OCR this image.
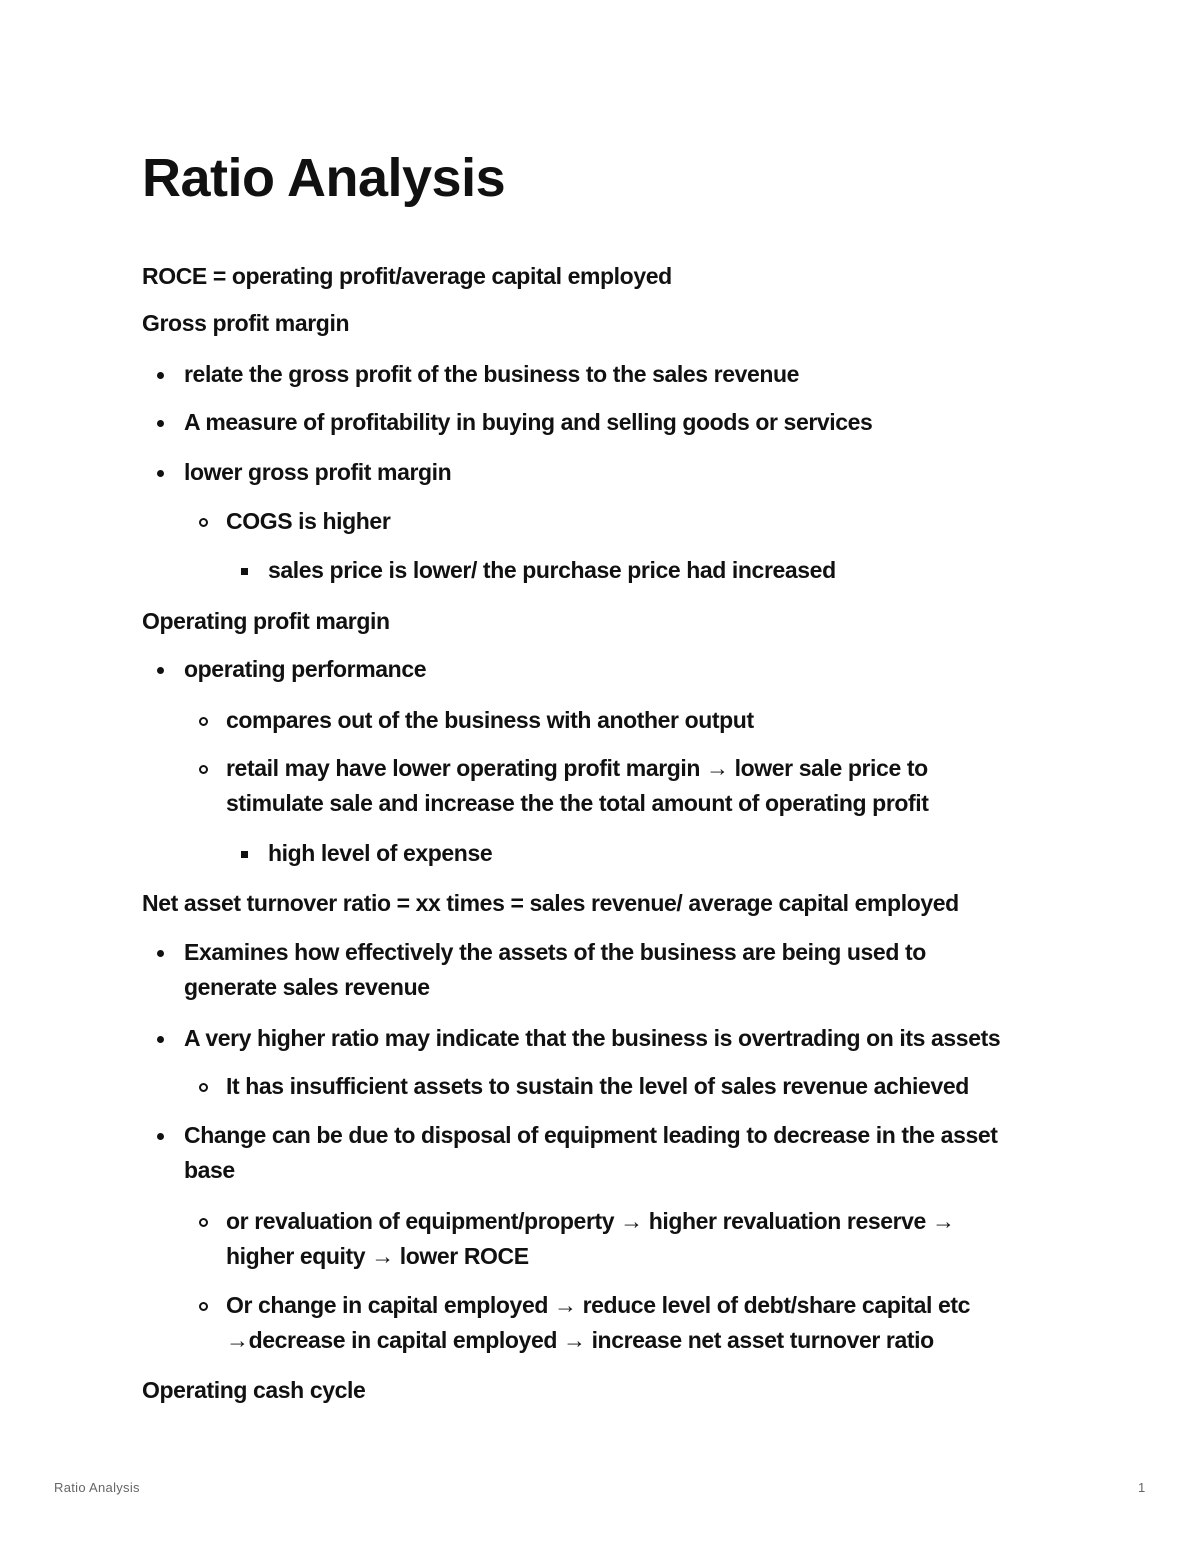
Ratio Analysis
ROCE = operating profit/average capital employed
Gross profit margin
relate the gross profit of the business to the sales revenue
A measure of profitability in buying and selling goods or services
lower gross profit margin
COGS is higher
sales price is lower/ the purchase price had increased
Operating profit margin
operating performance
compares out of the business with another output
retail may have lower operating profit margin → lower sale price to
stimulate sale and increase the the total amount of operating profit
high level of expense
Net asset turnover ratio = xx times = sales revenue/ average capital employed
Examines how effectively the assets of the business are being used to
generate sales revenue
A very higher ratio may indicate that the business is overtrading on its assets
It has insufficient assets to sustain the level of sales revenue achieved
Change can be due to disposal of equipment leading to decrease in the asset
base
or revaluation of equipment/property → higher revaluation reserve →
higher equity → lower ROCE
Or change in capital employed → reduce level of debt/share capital etc
→decrease in capital employed → increase net asset turnover ratio
Operating cash cycle
Ratio Analysis	1
